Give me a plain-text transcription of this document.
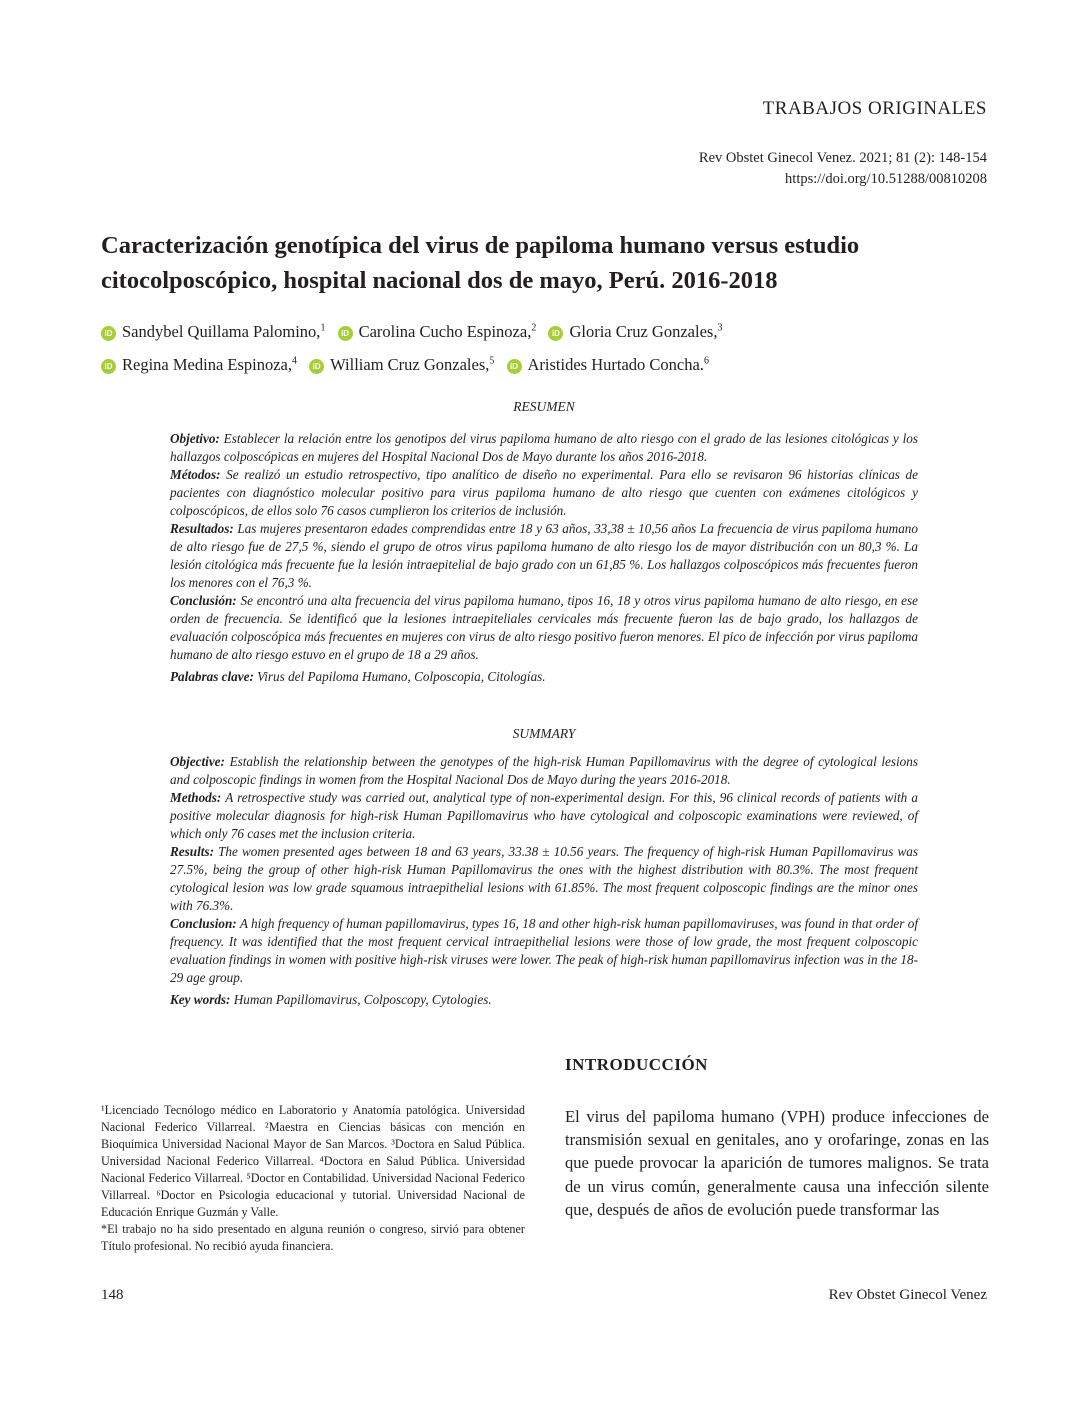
TRABAJOS ORIGINALES
Rev Obstet Ginecol Venez. 2021; 81 (2): 148-154
https://doi.org/10.51288/00810208
Caracterización genotípica del virus de papiloma humano versus estudio citocolposcópico, hospital nacional dos de mayo, Perú. 2016-2018
iD Sandybel Quillama Palomino,$^1$ iD Carolina Cucho Espinoza,$^2$ iD Gloria Cruz Gonzales,$^3$
iD Regina Medina Espinoza,$^4$ iD William Cruz Gonzales,$^5$ iD Aristides Hurtado Concha.$^6$
RESUMEN

Objetivo: Establecer la relación entre los genotipos del virus papiloma humano de alto riesgo con el grado de las lesiones citológicas y los hallazgos colposcópicas en mujeres del Hospital Nacional Dos de Mayo durante los años 2016-2018.

Métodos: Se realizó un estudio retrospectivo, tipo analítico de diseño no experimental. Para ello se revisaron 96 historias clínicas de pacientes con diagnóstico molecular positivo para virus papiloma humano de alto riesgo que cuenten con exámenes citológicos y colposcópicos, de ellos solo 76 casos cumplieron los criterios de inclusión.

Resultados: Las mujeres presentaron edades comprendidas entre 18 y 63 años, 33,38 ± 10,56 años La frecuencia de virus papiloma humano de alto riesgo fue de 27,5 %, siendo el grupo de otros virus papiloma humano de alto riesgo los de mayor distribución con un 80,3 %. La lesión citológica más frecuente fue la lesión intraepitelial de bajo grado con un 61,85 %. Los hallazgos colposcópicos más frecuentes fueron los menores con el 76,3 %.

Conclusión: Se encontró una alta frecuencia del virus papiloma humano, tipos 16, 18 y otros virus papiloma humano de alto riesgo, en ese orden de frecuencia. Se identificó que la lesiones intraepiteliales cervicales más frecuente fueron las de bajo grado, los hallazgos de evaluación colposcópica más frecuentes en mujeres con virus de alto riesgo positivo fueron menores. El pico de infección por virus papiloma humano de alto riesgo estuvo en el grupo de 18 a 29 años.

Palabras clave: Virus del Papiloma Humano, Colposcopia, Citologías.

SUMMARY

Objective: Establish the relationship between the genotypes of the high-risk Human Papillomavirus with the degree of cytological lesions and colposcopic findings in women from the Hospital Nacional Dos de Mayo during the years 2016-2018.

Methods: A retrospective study was carried out, analytical type of non-experimental design. For this, 96 clinical records of patients with a positive molecular diagnosis for high-risk Human Papillomavirus who have cytological and colposcopic examinations were reviewed, of which only 76 cases met the inclusion criteria.

Results: The women presented ages between 18 and 63 years, 33.38 ± 10.56 years. The frequency of high-risk Human Papillomavirus was 27.5%, being the group of other high-risk Human Papillomavirus the ones with the highest distribution with 80.3%. The most frequent cytological lesion was low grade squamous intraepithelial lesions with 61.85%. The most frequent colposcopic findings are the minor ones with 76.3%.

Conclusion: A high frequency of human papillomavirus, types 16, 18 and other high-risk human papillomaviruses, was found in that order of frequency. It was identified that the most frequent cervical intraepithelial lesions were those of low grade, the most frequent colposcopic evaluation findings in women with positive high-risk viruses were lower. The peak of high-risk human papillomavirus infection was in the 18-29 age group.

Key words: Human Papillomavirus, Colposcopy, Cytologies.

INTRODUCCIÓN

El virus del papiloma humano (VPH) produce infecciones de transmisión sexual en genitales, ano y orofaringe, zonas en las que puede provocar la aparición de tumores malignos. Se trata de un virus común, generalmente causa una infección silente que, después de años de evolución puede transformar las

¹Licenciado Tecnólogo médico en Laboratorio y Anatomía patológica. Universidad Nacional Federico Villarreal. ²Maestra en Ciencias básicas con mención en Bioquímica Universidad Nacional Mayor de San Marcos. ³Doctora en Salud Pública. Universidad Nacional Federico Villarreal. ⁴Doctora en Salud Pública. Universidad Nacional Federico Villarreal. ⁵Doctor en Contabilidad. Universidad Nacional Federico Villarreal. ⁶Doctor en Psicologia educacional y tutorial. Universidad Nacional de Educación Enrique Guzmán y Valle.

*El trabajo no ha sido presentado en alguna reunión o congreso, sirvió para obtener Título profesional. No recibió ayuda financiera.

148	Rev Obstet Ginecol Venez
